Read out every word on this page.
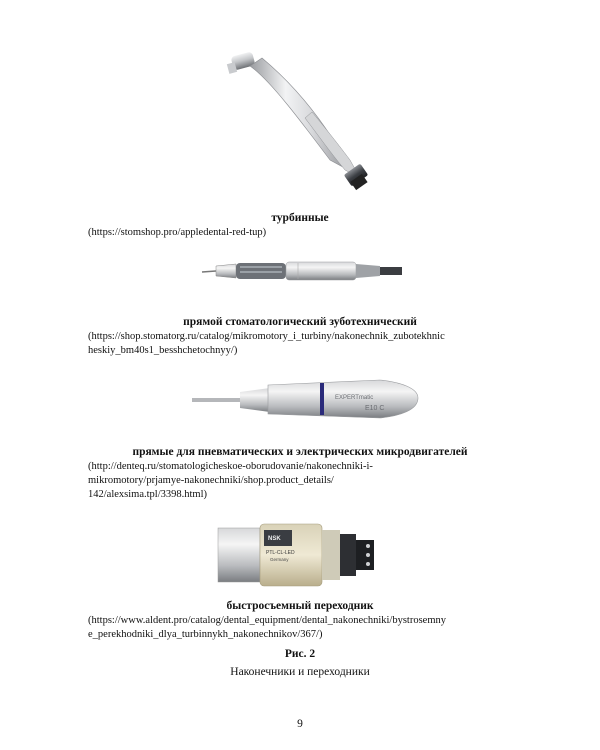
EXPERTmatic
E10 C
NSK
PTL-CL-LED
Germany
турбинные
(https://stomshop.pro/appledental-red-tup)
прямой стоматологический зуботехнический
(https://shop.stomatorg.ru/catalog/mikromotory_i_turbiny/nakonechnik_zubotekhnic
heskiy_bm40s1_besshchetochnyy/)
прямые для пневматических и электрических микродвигателей
(http://denteq.ru/stomatologicheskoe-oborudovanie/nakonechniki-i-
mikromotory/prjamye-nakonechniki/shop.product_details/
142/alexsima.tpl/3398.html)
быстросъемный переходник
(https://www.aldent.pro/catalog/dental_equipment/dental_nakonechniki/bystrosemny
e_perekhodniki_dlya_turbinnykh_nakonechnikov/367/)
Рис. 2
Наконечники и переходники
9
